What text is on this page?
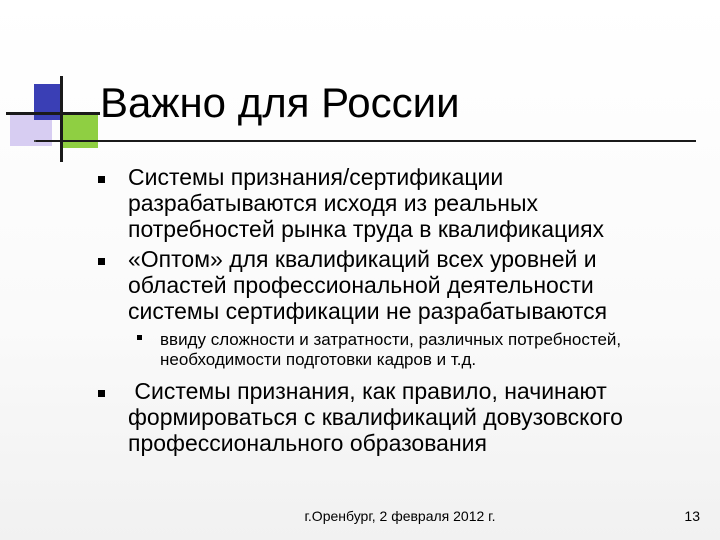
Важно для России
Системы признания/сертификации разрабатываются исходя из реальных потребностей рынка труда в квалификациях
«Оптом» для квалификаций всех уровней и областей профессиональной деятельности системы сертификации не разрабатываются
ввиду сложности и затратности, различных потребностей, необходимости подготовки кадров и т.д.
Системы признания, как правило, начинают формироваться с квалификаций довузовского профессионального образования
г.Оренбург, 2 февраля 2012 г.	13
